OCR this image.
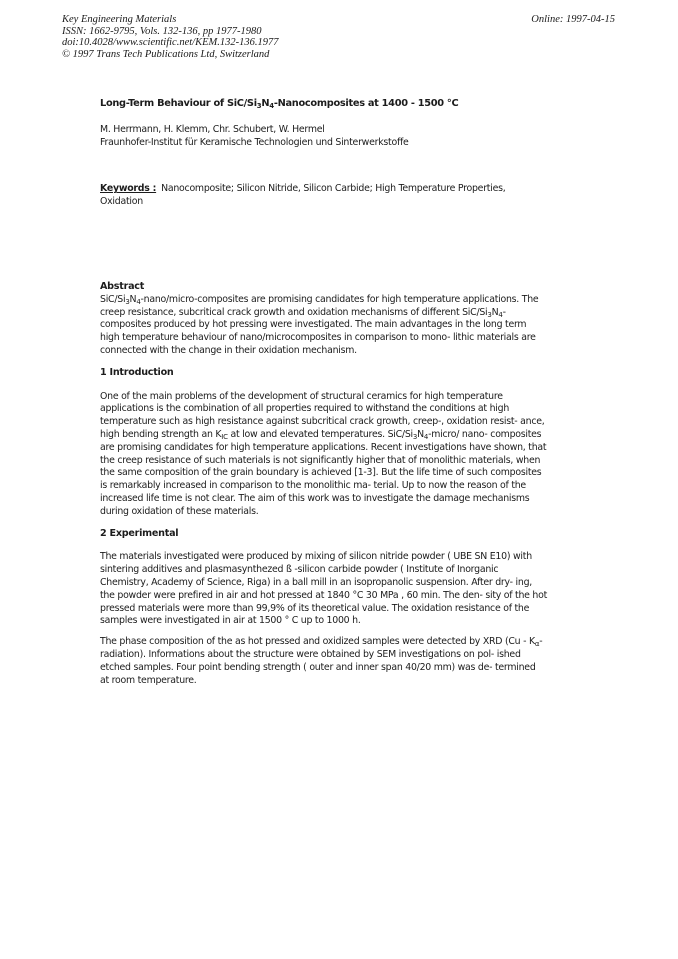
Key Engineering Materials
ISSN: 1662-9795, Vols. 132-136, pp 1977-1980
doi:10.4028/www.scientific.net/KEM.132-136.1977
© 1997 Trans Tech Publications Ltd, Switzerland
Online: 1997-04-15
Long-Term Behaviour of SiC/$Si_3N_4$-Nanocomposites at 1400 - 1500 °C
M. Herrmann, H. Klemm, Chr. Schubert, W. Hermel
Fraunhofer-Institut für Keramische Technologien und Sinterwerkstoffe
Keywords : Nanocomposite; Silicon Nitride, Silicon Carbide; High Temperature Properties, Oxidation
Abstract
SiC/$Si_3N_4-nano/micro$-composites are promising candidates for high temperature applications. The creep resistance, subcritical crack growth and oxidation mechanisms of different SiC/$Si_3N_4$-composites produced by hot pressing were investigated. The main advantages in the long term high temperature behaviour of nano/microcomposites in comparison to mono- lithic materials are connected with the change in their oxidation mechanism.
1 Introduction
One of the main problems of the development of structural ceramics for high temperature applications is the combination of all properties required to withstand the conditions at high temperature such as high resistance against subcritical crack growth, creep-, oxidation resist- ance, high bending strength an $K_{IC}$ at low and elevated temperatures. SiC/$Si_3N_4-micro/$ nano- composites are promising candidates for high temperature applications. Recent investigations have shown, that the creep resistance of such materials is not significantly higher that of monolithic materials, when the same composition of the grain boundary is achieved [1-3]. But the life time of such composites is remarkably increased in comparison to the monolithic ma- terial. Up to now the reason of the increased life time is not clear. The aim of this work was to investigate the damage mechanisms during oxidation of these materials.
2 Experimental
The materials investigated were produced by mixing of silicon nitride powder ( UBE SN E10) with sintering additives and plasmasynthezed ß -silicon carbide powder ( Institute of Inorganic Chemistry, Academy of Science, Riga) in a ball mill in an isopropanolic suspension. After dry- ing, the powder were prefired in air and hot pressed at 1840 °C 30 MPa , 60 min. The den- sity of the hot pressed materials were more than 99,9% of its theoretical value. The oxidation resistance of the samples were investigated in air at 1500 ° C up to 1000 h.
The phase composition of the as hot pressed and oxidized samples were detected by XRD $(Cu - K_\alpha-radiation)$. Informations about the structure were obtained by SEM investigations on pol- ished etched samples. Four point bending strength ( outer and inner span 40/20 mm) was de- termined at room temperature.
